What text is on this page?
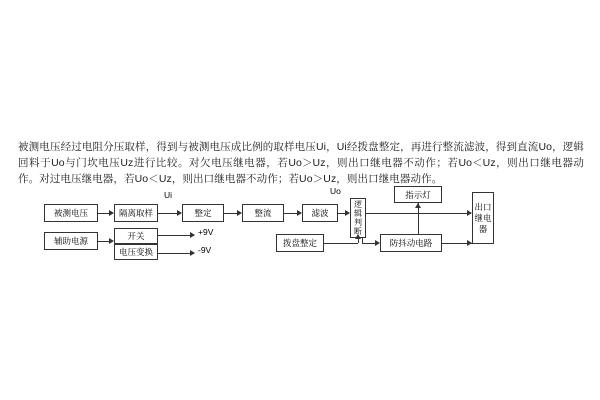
被测电压经过电阻分压取样，得到与被测电压成比例的取样电压Ui，Ui经拨盘整定，再进行整流滤波，得到直流Uo，逻辑回料于Uo与门坎电压Uz进行比较。对欠电压继电器，若Uo＞Uz，则出口继电器不动作；若Uo＜Uz，则出口继电器动作。对过电压继电器，若Uo＜Uz，则出口继电器不动作；若Uo＞Uz，则出口继电器动作。

被测电压	隔离取样	整定	整流	滤波
逻辑
判断
指示灯
出口
继电
器
辅助电源	开关
电压变换
+9V
-9V
拨盘整定	防抖动电路
Ui	Uo
